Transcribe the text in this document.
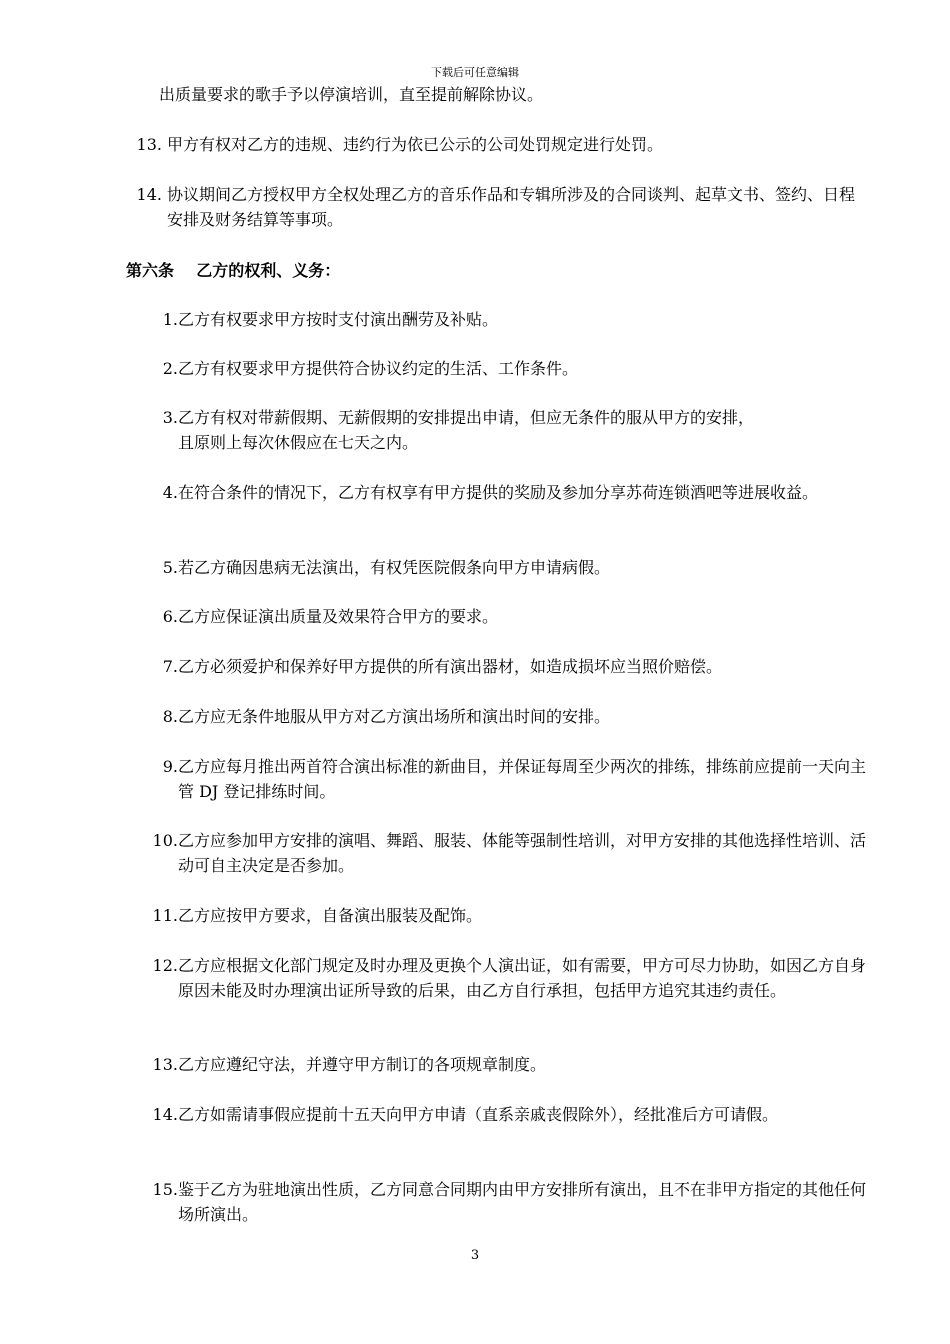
下载后可任意编辑
出质量要求的歌手予以停演培训，直至提前解除协议。
13. 甲方有权对乙方的违规、违约行为依已公示的公司处罚规定进行处罚。
14. 协议期间乙方授权甲方全权处理乙方的音乐作品和专辑所涉及的合同谈判、起草文书、签约、日程安排及财务结算等事项。
第六条 乙方的权利、义务：
1. 乙方有权要求甲方按时支付演出酬劳及补贴。
2. 乙方有权要求甲方提供符合协议约定的生活、工作条件。
3. 乙方有权对带薪假期、无薪假期的安排提出申请，但应无条件的服从甲方的安排，且原则上每次休假应在七天之内。
4. 在符合条件的情况下，乙方有权享有甲方提供的奖励及参加分享苏荷连锁酒吧等进展收益。
5. 若乙方确因患病无法演出，有权凭医院假条向甲方申请病假。
6. 乙方应保证演出质量及效果符合甲方的要求。
7. 乙方必须爱护和保养好甲方提供的所有演出器材，如造成损坏应当照价赔偿。
8. 乙方应无条件地服从甲方对乙方演出场所和演出时间的安排。
9. 乙方应每月推出两首符合演出标准的新曲目，并保证每周至少两次的排练，排练前应提前一天向主管 DJ 登记排练时间。
10. 乙方应参加甲方安排的演唱、舞蹈、服装、体能等强制性培训，对甲方安排的其他选择性培训、活动可自主决定是否参加。
11. 乙方应按甲方要求，自备演出服装及配饰。
12. 乙方应根据文化部门规定及时办理及更换个人演出证，如有需要，甲方可尽力协助，如因乙方自身原因未能及时办理演出证所导致的后果，由乙方自行承担，包括甲方追究其违约责任。
13. 乙方应遵纪守法，并遵守甲方制订的各项规章制度。
14. 乙方如需请事假应提前十五天向甲方申请（直系亲戚丧假除外），经批准后方可请假。
15. 鉴于乙方为驻地演出性质，乙方同意合同期内由甲方安排所有演出，且不在非甲方指定的其他任何场所演出。
3
